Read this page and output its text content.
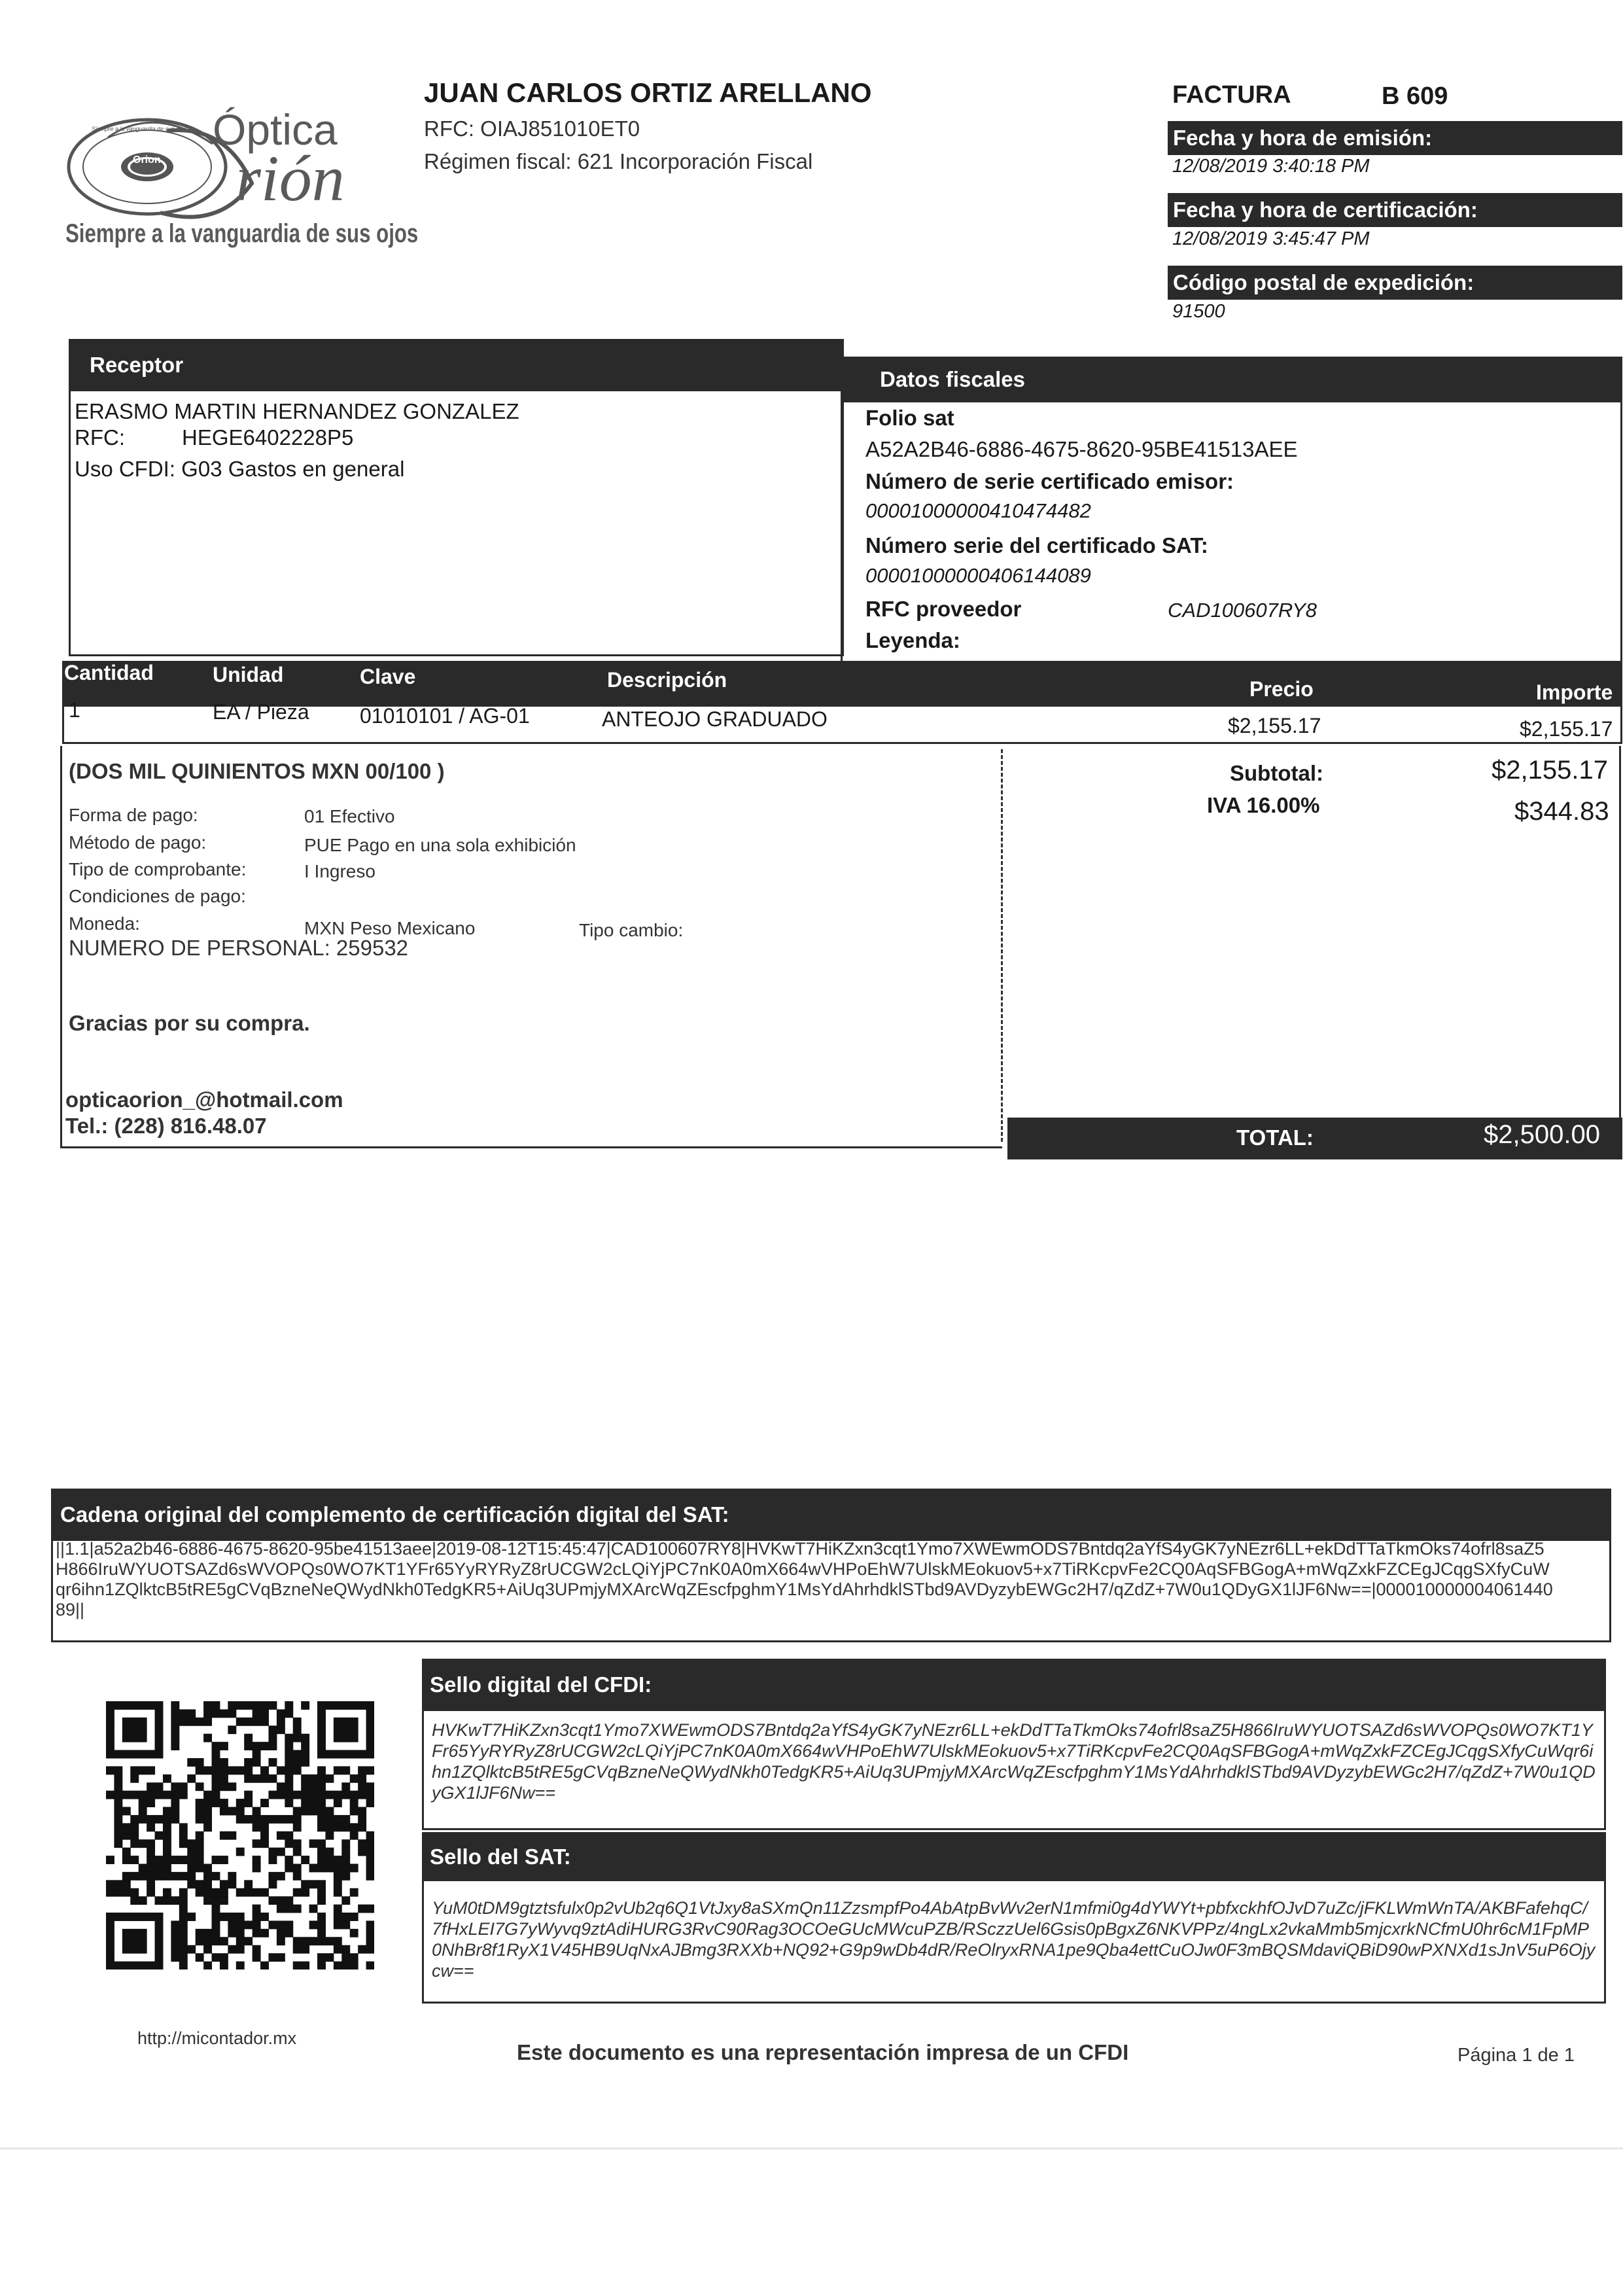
Siempre a la vanguardia de sus ojos
Orion
Óptica
rión
Siempre a la vanguardia de sus ojos
JUAN CARLOS ORTIZ ARELLANO
RFC: OIAJ851010ET0
Régimen fiscal: 621 Incorporación Fiscal
FACTURA	B 609
Fecha y hora de emisión:
12/08/2019 3:40:18 PM
Fecha y hora de certificación:
12/08/2019 3:45:47 PM
Código postal de expedición:
91500
Receptor
ERASMO MARTIN HERNANDEZ GONZALEZ
RFC:	HEGE6402228P5
Uso CFDI: G03 Gastos en general
Datos fiscales
Folio sat
A52A2B46-6886-4675-8620-95BE41513AEE
Número de serie certificado emisor:
00001000000410474482
Número serie del certificado SAT:
00001000000406144089
RFC proveedor	CAD100607RY8
Leyenda:
Cantidad	Unidad	Clave	Descripción	Precio	Importe
1	EA / Pieza 01010101 / AG-01	ANTEOJO GRADUADO	$2,155.17	$2,155.17
(DOS MIL QUINIENTOS MXN 00/100 )
Forma de pago:	01 Efectivo
Método de pago:	PUE Pago en una sola exhibición
Tipo de comprobante:	I Ingreso
Condiciones de pago:
Moneda:	MXN Peso Mexicano	Tipo cambio:
NUMERO DE PERSONAL: 259532
Gracias por su compra.
opticaorion_@hotmail.com
Tel.: (228) 816.48.07
Subtotal:	$2,155.17
IVA 16.00%	$344.83
TOTAL:	$2,500.00
Cadena original del complemento de certificación digital del SAT:
||1.1|a52a2b46-6886-4675-8620-95be41513aee|2019-08-12T15:45:47|CAD100607RY8|HVKwT7HiKZxn3cqt1Ymo7XWEwmODS7Bntdq2aYfS4yGK7yNEzr6LL+ekDdTTaTkmOks74ofrl8saZ5H866IruWYUOTSAZd6sWVOPQs0WO7KT1YFr65YyRYRyZ8rUCGW2cLQiYjPC7nK0A0mX664wVHPoEhW7UlskMEokuov5+x7TiRKcpvFe2CQ0AqSFBGogA+mWqZxkFZCEgJCqgSXfyCuWqr6ihn1ZQlktcB5tRE5gCVqBzneNeQWydNkh0TedgKR5+AiUq3UPmjyMXArcWqZEscfpghmY1MsYdAhrhdklSTbd9AVDyzybEWGc2H7/qZdZ+7W0u1QDyGX1lJF6Nw==|00001000000406144089||
Sello digital del CFDI:
HVKwT7HiKZxn3cqt1Ymo7XWEwmODS7Bntdq2aYfS4yGK7yNEzr6LL+ekDdTTaTkmOks74ofrl8saZ5H866IruWYUOTSAZd6sWVOPQs0WO7KT1YFr65YyRYRyZ8rUCGW2cLQiYjPC7nK0A0mX664wVHPoEhW7UlskMEokuov5+x7TiRKcpvFe2CQ0AqSFBGogA+mWqZxkFZCEgJCqgSXfyCuWqr6ihn1ZQlktcB5tRE5gCVqBzneNeQWydNkh0TedgKR5+AiUq3UPmjyMXArcWqZEscfpghmY1MsYdAhrhdklSTbd9AVDyzybEWGc2H7/qZdZ+7W0u1QDyGX1lJF6Nw==
Sello del SAT:
YuM0tDM9gtztsfulx0p2vUb2q6Q1VtJxy8aSXmQn11ZzsmpfPo4AbAtpBvWv2erN1mfmi0g4dYWYt+pbfxckhfOJvD7uZc/jFKLWmWnTA/AKBFafehqC/7fHxLEI7G7yWyvq9ztAdiHURG3RvC90Rag3OCOeGUcMWcuPZB/RSczzUel6Gsis0pBgxZ6NKVPPz/4ngLx2vkaMmb5mjcxrkNCfmU0hr6cM1FpMP0NhBr8f1RyX1V45HB9UqNxAJBmg3RXXb+NQ92+G9p9wDb4dR/ReOlryxRNA1pe9Qba4ettCuOJw0F3mBQSMdaviQBiD90wPXNXd1sJnV5uP6Ojycw==
http://micontador.mx
Este documento es una representación impresa de un CFDI	Página 1 de 1
